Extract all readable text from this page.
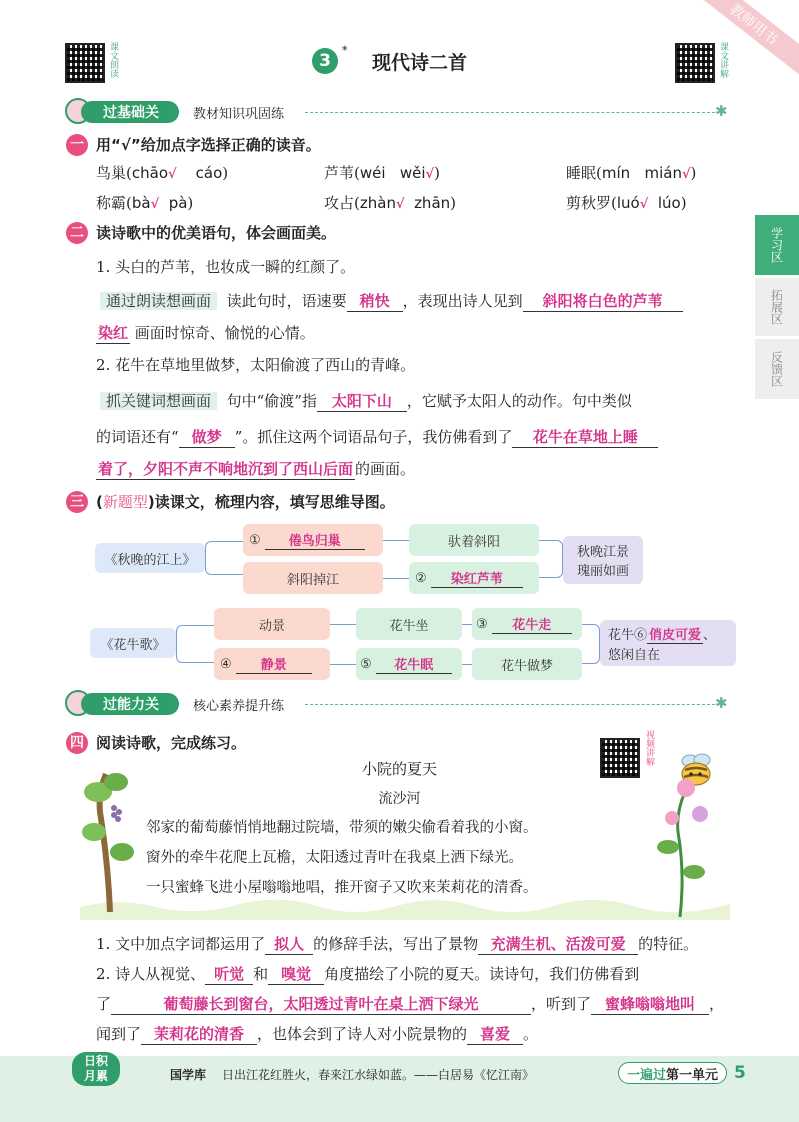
教师用书
课文朗读	课文讲解
3
*
现代诗二首
学习区
拓展区
反馈区
过基础关	教材知识巩固练	✱
一 用“√”给加点字选择正确的读音。
鸟巢(chāo√ cáo)	芦苇(wéi wěi√)	睡眠(mín mián√)
称霸(bà√ pà)	攻占(zhàn√ zhān)	剪秋罗(luó√ lúo)
二 读诗歌中的优美语句，体会画面美。
1. 头白的芦苇，也妆成一瞬的红颜了。
通过朗读想画面 读此句时，语速要 稍快 ，表现出诗人见到 斜阳将白色的芦苇
染红 画面时惊奇、愉悦的心情。
2. 花牛在草地里做梦，太阳偷渡了西山的青峰。
抓关键词想画面 句中“偷渡”指 太阳下山 ，它赋予太阳人的动作。句中类似
的词语还有“ 做梦 ”。抓住这两个词语品句子，我仿佛看到了 花牛在草地上睡
着了，夕阳不声不响地沉到了西山后面 的画面。
三 (新题型)读课文，梳理内容，填写思维导图。
《秋晚的江上》
①
	倦鸟归巢
斜阳掉江
驮着斜阳
②
	染红芦苇
秋晚江景
瑰丽如画
《花牛歌》
动景
④
	静景
花牛坐
⑤
	花牛眠
③
	花牛走
花牛做梦
花牛⑥ 俏皮可爱 、
悠闲自在
过能力关	核心素养提升练	✱
四 阅读诗歌，完成练习。	视频讲解
小院的夏天
流沙河
邻家的葡萄藤悄悄地翻过院墙，带须的嫩尖偷看着我的小窗。
窗外的牵牛花爬上瓦檐，太阳透过青叶在我桌上洒下绿光。
一只蜜蜂飞进小屋嗡嗡地唱，推开窗子又吹来茉莉花的清香。
1. 文中加点字词都运用了 拟人 的修辞手法，写出了景物 充满生机、活泼可爱 的特征。
2. 诗人从视觉、 听觉 和 嗅觉 角度描绘了小院的夏天。读诗句，我们仿佛看到
了	葡萄藤长到窗台，太阳透过青叶在桌上洒下绿光	，听到了 蜜蜂嗡嗡地叫 ，
闻到了 茉莉花的清香 ，也体会到了诗人对小院景物的 喜爱 。
日积
月累	国学库 日出江花红胜火，春来江水绿如蓝。——白居易《忆江南》	一遍过第一单元 5
